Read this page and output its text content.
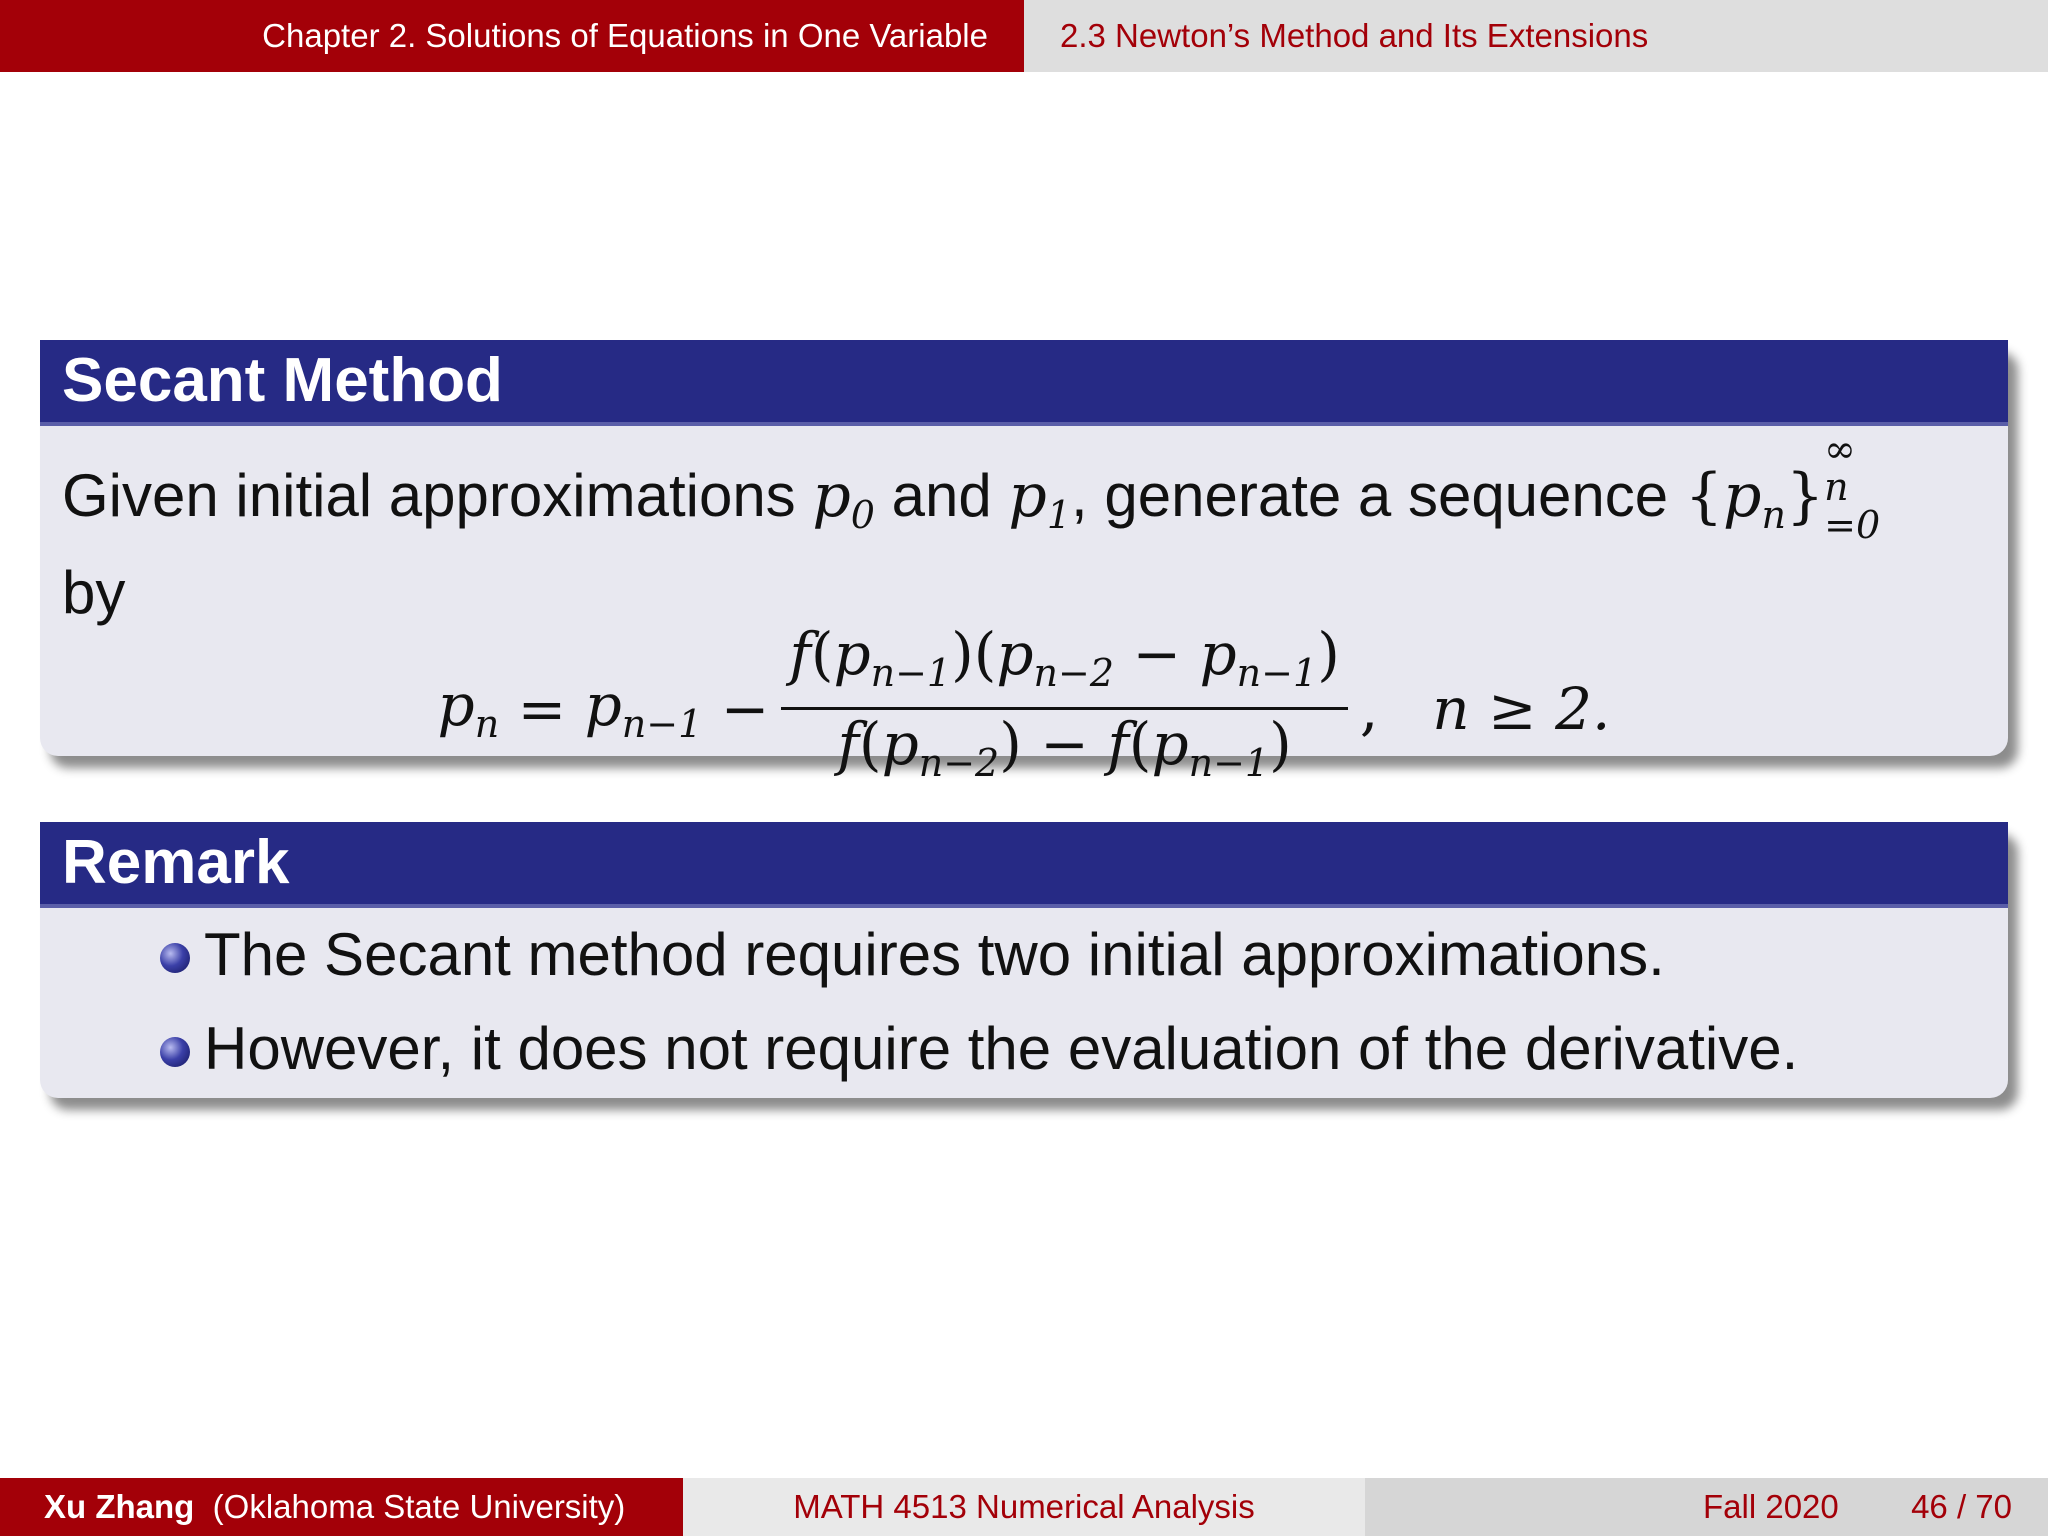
Chapter 2. Solutions of Equations in One Variable	2.3 Newton’s Method and Its Extensions
Secant Method
Given initial approximations $p_0$ and $p_1$, generate a sequence $\{p_n\}$
∞
n
=0

by
$p_n = p_{n-1} - \frac{f(p_{n-1})(p_{n-2} - p_{n-1})}{f(p_{n-2}) - f(p_{n-1})}$ , n ≥ 2.
Remark
The Secant method requires two initial approximations.
However, it does not require the evaluation of the derivative.
Xu Zhang (Oklahoma State University)	MATH 4513 Numerical Analysis	Fall 2020 46 / 70
